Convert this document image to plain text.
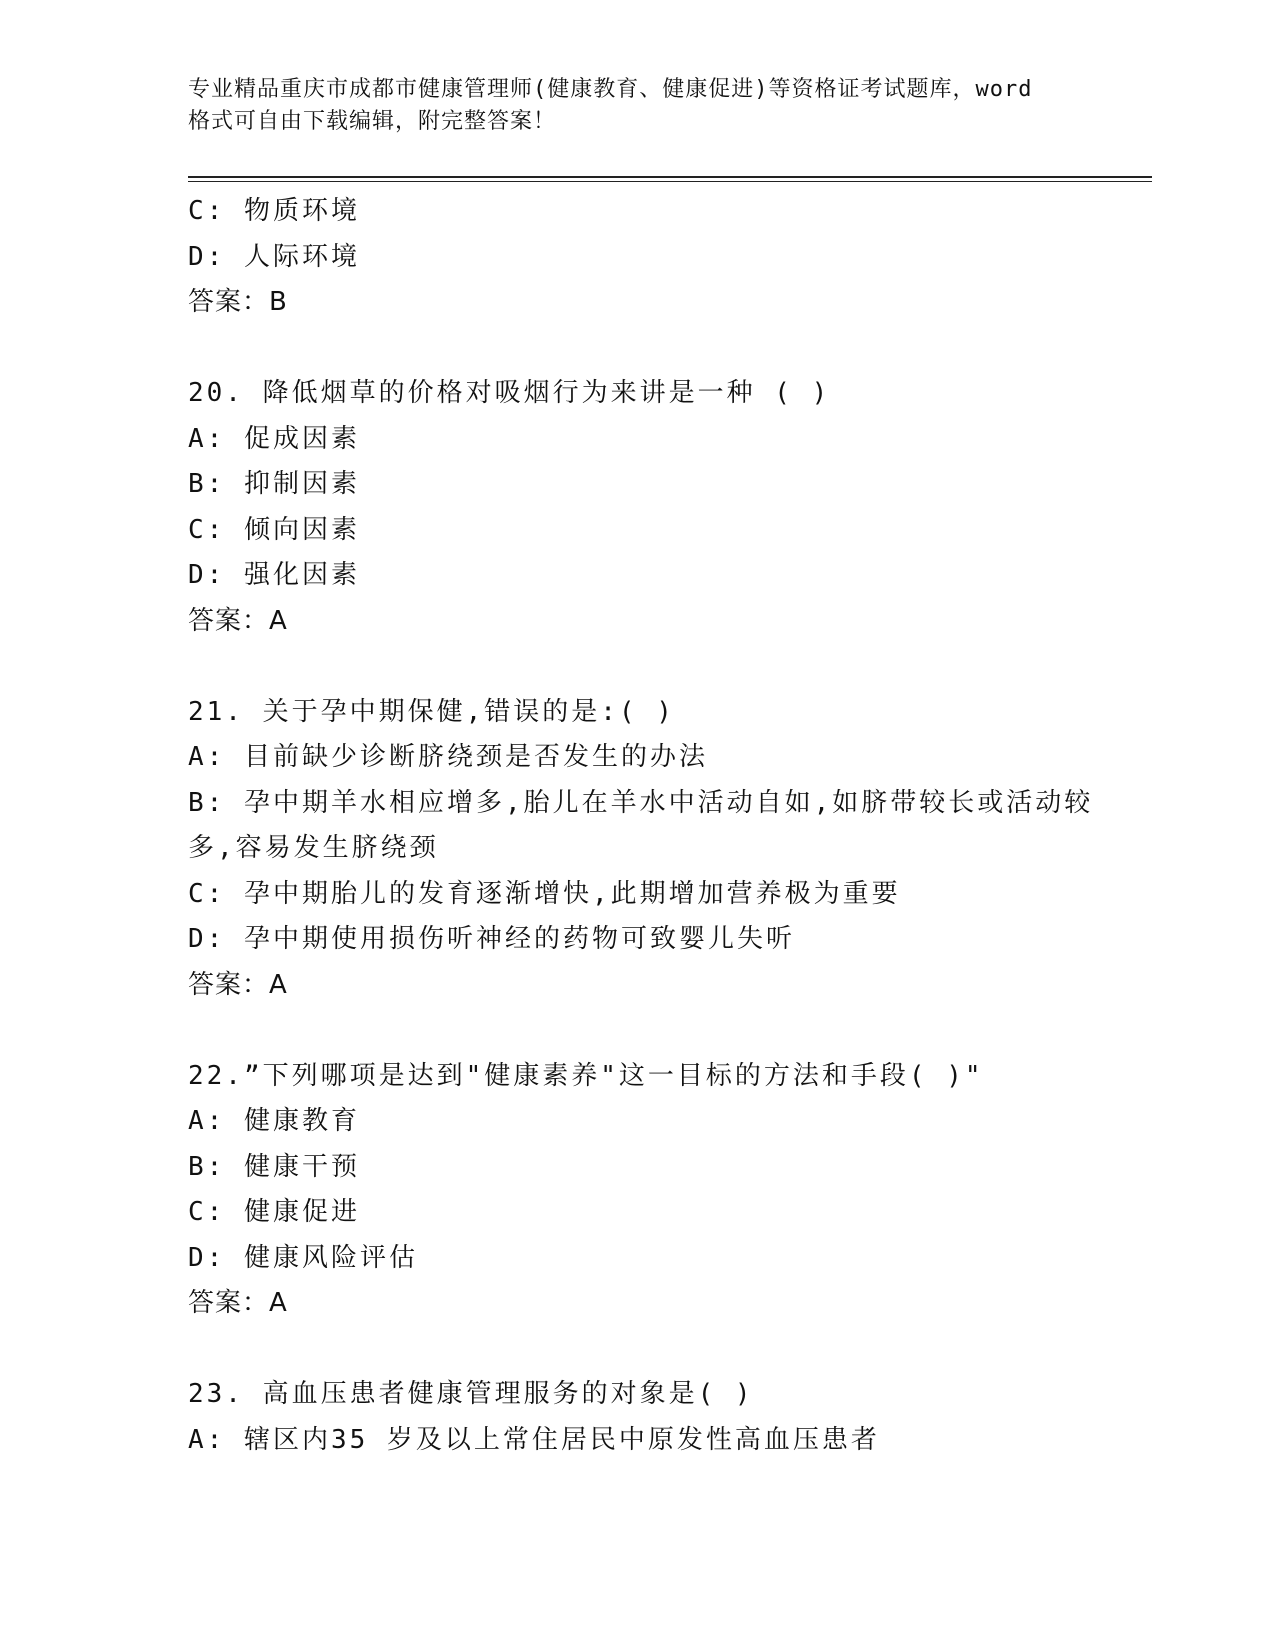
专业精品重庆市成都市健康管理师(健康教育、健康促进)等资格证考试题库，word
格式可自由下载编辑，附完整答案！
C: 物质环境
D: 人际环境
答案：B
20. 降低烟草的价格对吸烟行为来讲是一种 ( )
A: 促成因素
B: 抑制因素
C: 倾向因素
D: 强化因素
答案：A
21. 关于孕中期保健,错误的是:( )
A: 目前缺少诊断脐绕颈是否发生的办法
B: 孕中期羊水相应增多,胎儿在羊水中活动自如,如脐带较长或活动较
多,容易发生脐绕颈
C: 孕中期胎儿的发育逐渐增快,此期增加营养极为重要
D: 孕中期使用损伤听神经的药物可致婴儿失听
答案：A
22.”下列哪项是达到"健康素养"这一目标的方法和手段( )"
A: 健康教育
B: 健康干预
C: 健康促进
D: 健康风险评估
答案：A
23. 高血压患者健康管理服务的对象是( )
A: 辖区内35 岁及以上常住居民中原发性高血压患者
